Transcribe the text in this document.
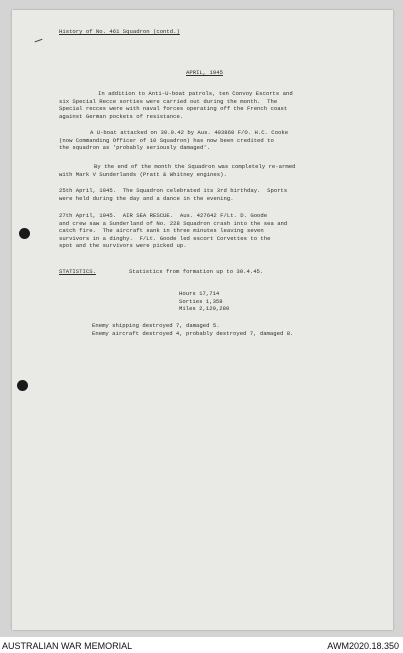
History of No. 461 Squadron (contd.)
APRIL, 1945
In addition to Anti-U-boat patrols, ten Convoy Escorts and
six Special Recce sorties were carried out during the month.  The
Special recces were with naval forces operating off the French coast
against German pockets of resistance.
A U-boat attacked on 30.9.42 by Aus. 403860 F/O. H.C. Cooke
(now Commanding Officer of 10 Squadron) has now been credited to
the squadron as 'probably seriously damaged'.
By the end of the month the Squadron was completely re-armed
with Mark V Sunderlands (Pratt & Whitney engines).
25th April, 1945.  The Squadron celebrated its 3rd birthday.  Sports
were held during the day and a dance in the evening.
27th April, 1945.  AIR SEA RESCUE.  Aus. 427642 F/Lt. D. Goode
and crew saw a Sunderland of No. 228 Squadron crash into the sea and
catch fire.  The aircraft sank in three minutes leaving seven
survivors in a dinghy.  F/Lt. Goode led escort Corvettes to the
spot and the survivors were picked up.
STATISTICS.	Statistics from formation up to 30.4.45.
Hours 17,714
Sorties 1,358
Miles 2,129,280
Enemy shipping destroyed 7, damaged 5.
Enemy aircraft destroyed 4, probably destroyed 7, damaged 8.
AUSTRALIAN WAR MEMORIAL	AWM2020.18.350
